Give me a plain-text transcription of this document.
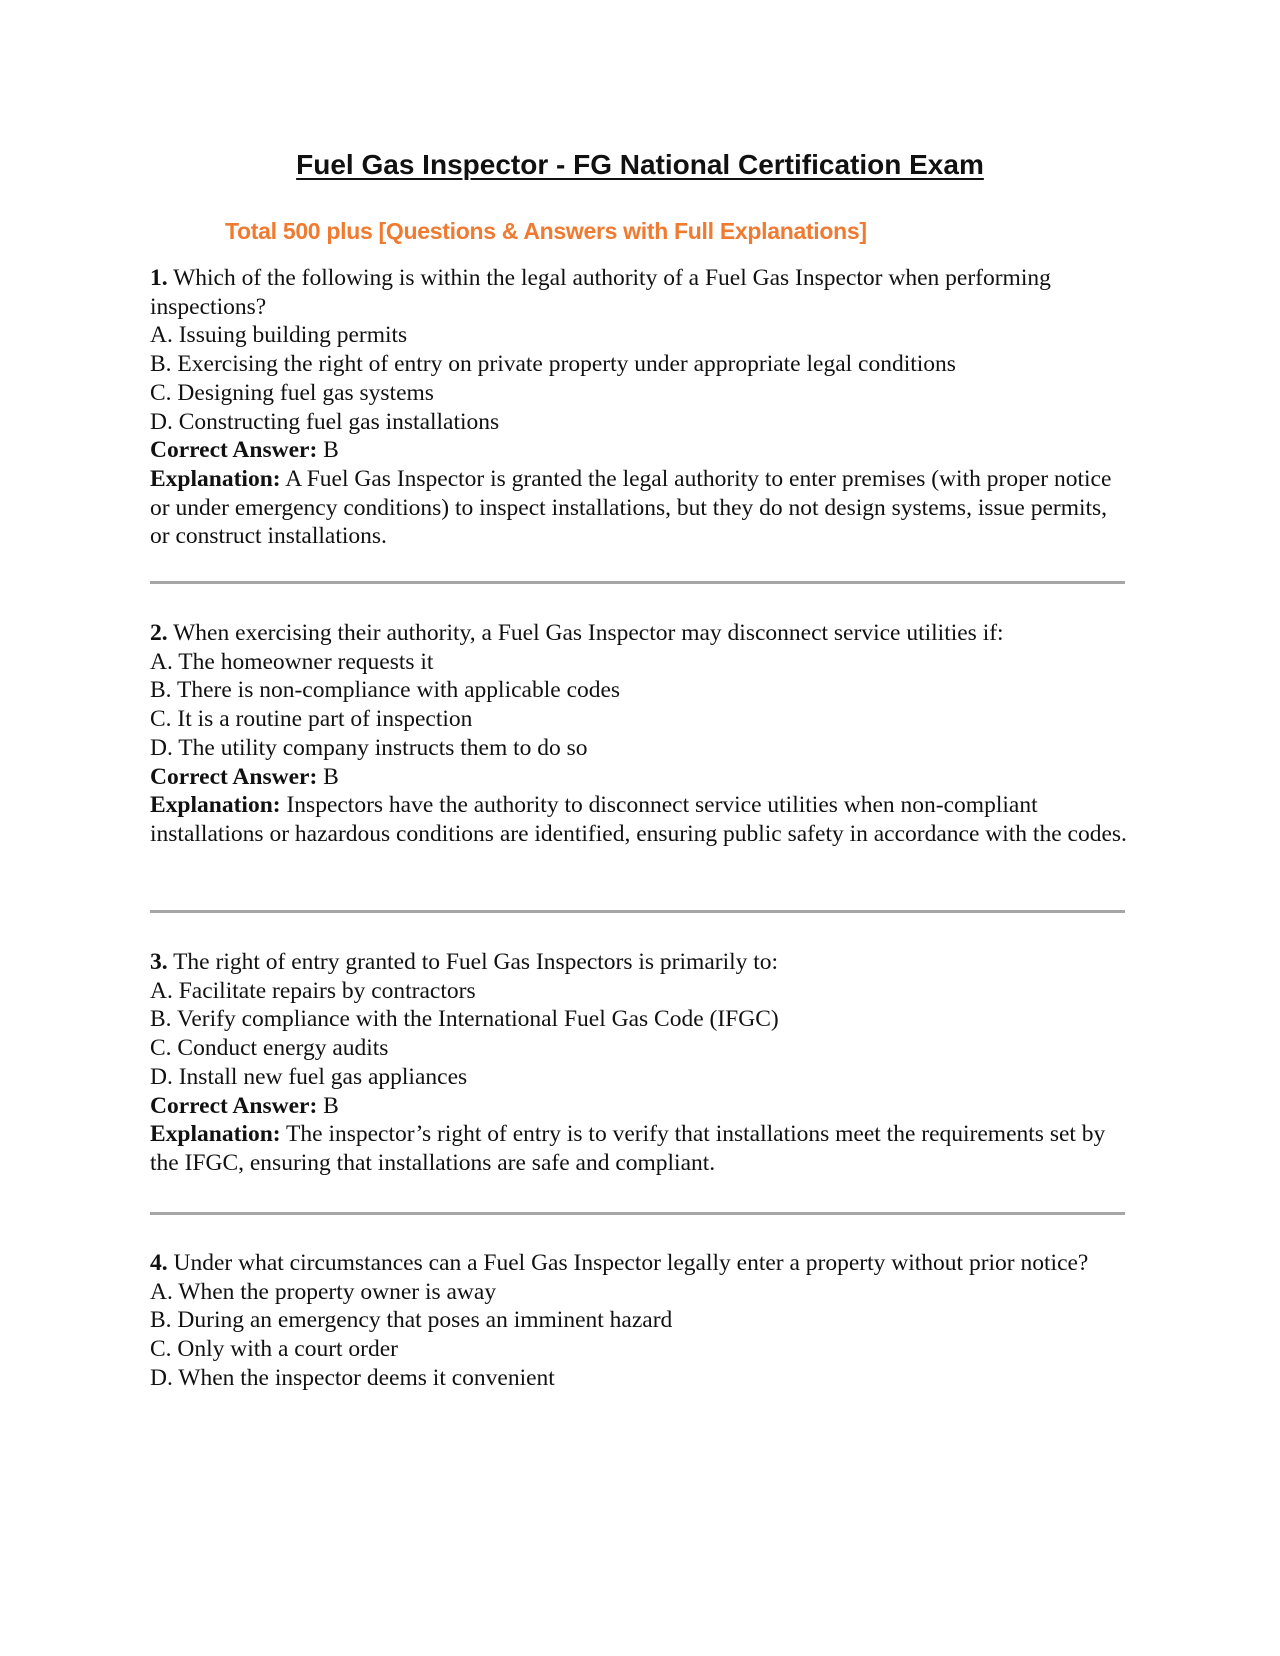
Fuel Gas Inspector - FG National Certification Exam
Total 500 plus [Questions & Answers with Full Explanations]

1. Which of the following is within the legal authority of a Fuel Gas Inspector when performing inspections?

A. Issuing building permits

B. Exercising the right of entry on private property under appropriate legal conditions

C. Designing fuel gas systems

D. Constructing fuel gas installations

Correct Answer: B

Explanation: A Fuel Gas Inspector is granted the legal authority to enter premises (with proper notice or under emergency conditions) to inspect installations, but they do not design systems, issue permits, or construct installations.

2. When exercising their authority, a Fuel Gas Inspector may disconnect service utilities if:

A. The homeowner requests it

B. There is non-compliance with applicable codes

C. It is a routine part of inspection

D. The utility company instructs them to do so

Correct Answer: B

Explanation: Inspectors have the authority to disconnect service utilities when non-compliant installations or hazardous conditions are identified, ensuring public safety in accordance with the codes.

3. The right of entry granted to Fuel Gas Inspectors is primarily to:

A. Facilitate repairs by contractors

B. Verify compliance with the International Fuel Gas Code (IFGC)

C. Conduct energy audits

D. Install new fuel gas appliances

Correct Answer: B

Explanation: The inspector’s right of entry is to verify that installations meet the requirements set by the IFGC, ensuring that installations are safe and compliant.

4. Under what circumstances can a Fuel Gas Inspector legally enter a property without prior notice?

A. When the property owner is away

B. During an emergency that poses an imminent hazard

C. Only with a court order

D. When the inspector deems it convenient
